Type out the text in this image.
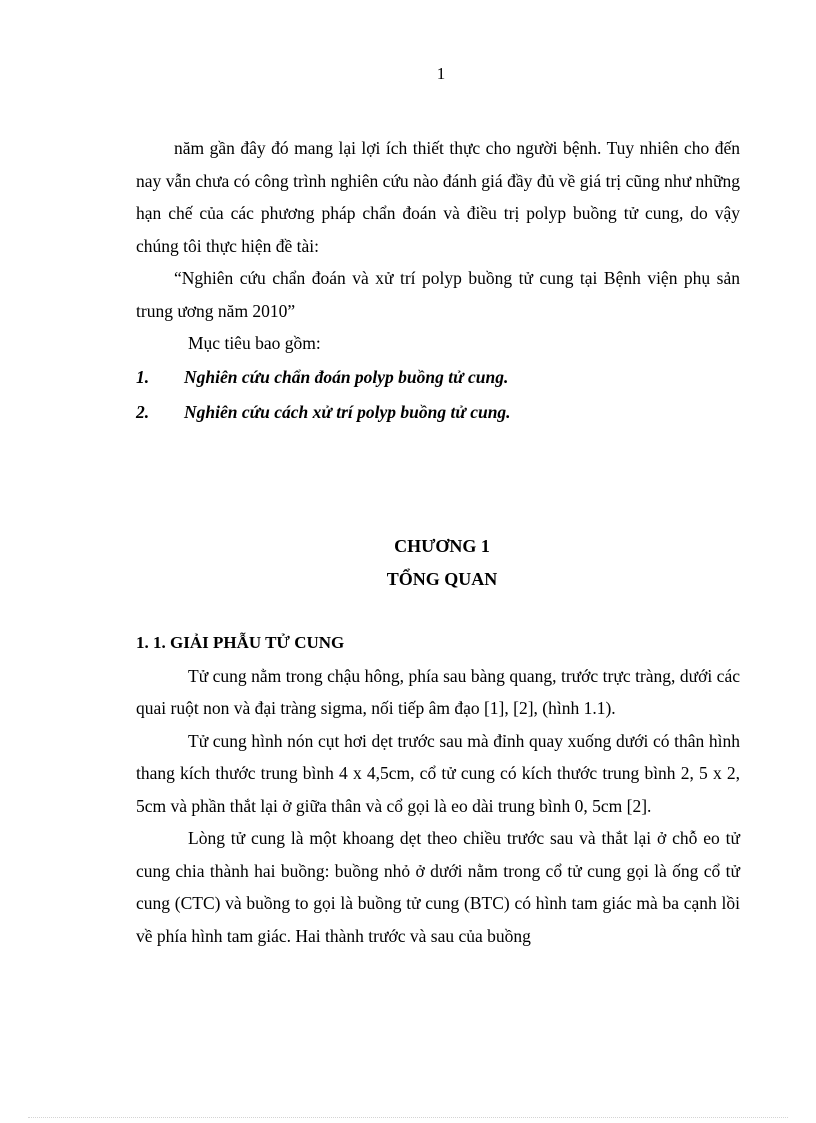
1

năm gần đây đó mang lại lợi ích thiết thực cho người bệnh. Tuy nhiên cho đến nay vẫn chưa có công trình nghiên cứu nào đánh giá đầy đủ về giá trị cũng như những hạn chế của các phương pháp chẩn đoán và điều trị polyp buồng tử cung, do vậy chúng tôi thực hiện đề tài:

“Nghiên cứu chẩn đoán và xử trí polyp buồng tử cung tại Bệnh viện phụ sản trung ương năm 2010”

Mục tiêu bao gồm:

1.	Nghiên cứu chẩn đoán polyp buồng tử cung.
2.	Nghiên cứu cách xử trí polyp buồng tử cung.
CHƯƠNG 1
TỔNG QUAN
1. 1. GIẢI PHẪU TỬ CUNG

Tử cung nằm trong chậu hông, phía sau bàng quang, trước trực tràng, dưới các quai ruột non và đại tràng sigma, nối tiếp âm đạo [1], [2], (hình 1.1).

Tử cung hình nón cụt hơi dẹt trước sau mà đỉnh quay xuống dưới có thân hình thang kích thước trung bình 4 x 4,5cm, cổ tử cung có kích thước trung bình 2, 5 x 2, 5cm và phần thắt lại ở giữa thân và cổ gọi là eo dài trung bình 0, 5cm [2].

Lòng tử cung là một khoang dẹt theo chiều trước sau và thắt lại ở chỗ eo tử cung chia thành hai buồng: buồng nhỏ ở dưới nằm trong cổ tử cung gọi là ống cổ tử cung (CTC) và buồng to gọi là buồng tử cung (BTC) có hình tam giác mà ba cạnh lồi về phía hình tam giác. Hai thành trước và sau của buồng
